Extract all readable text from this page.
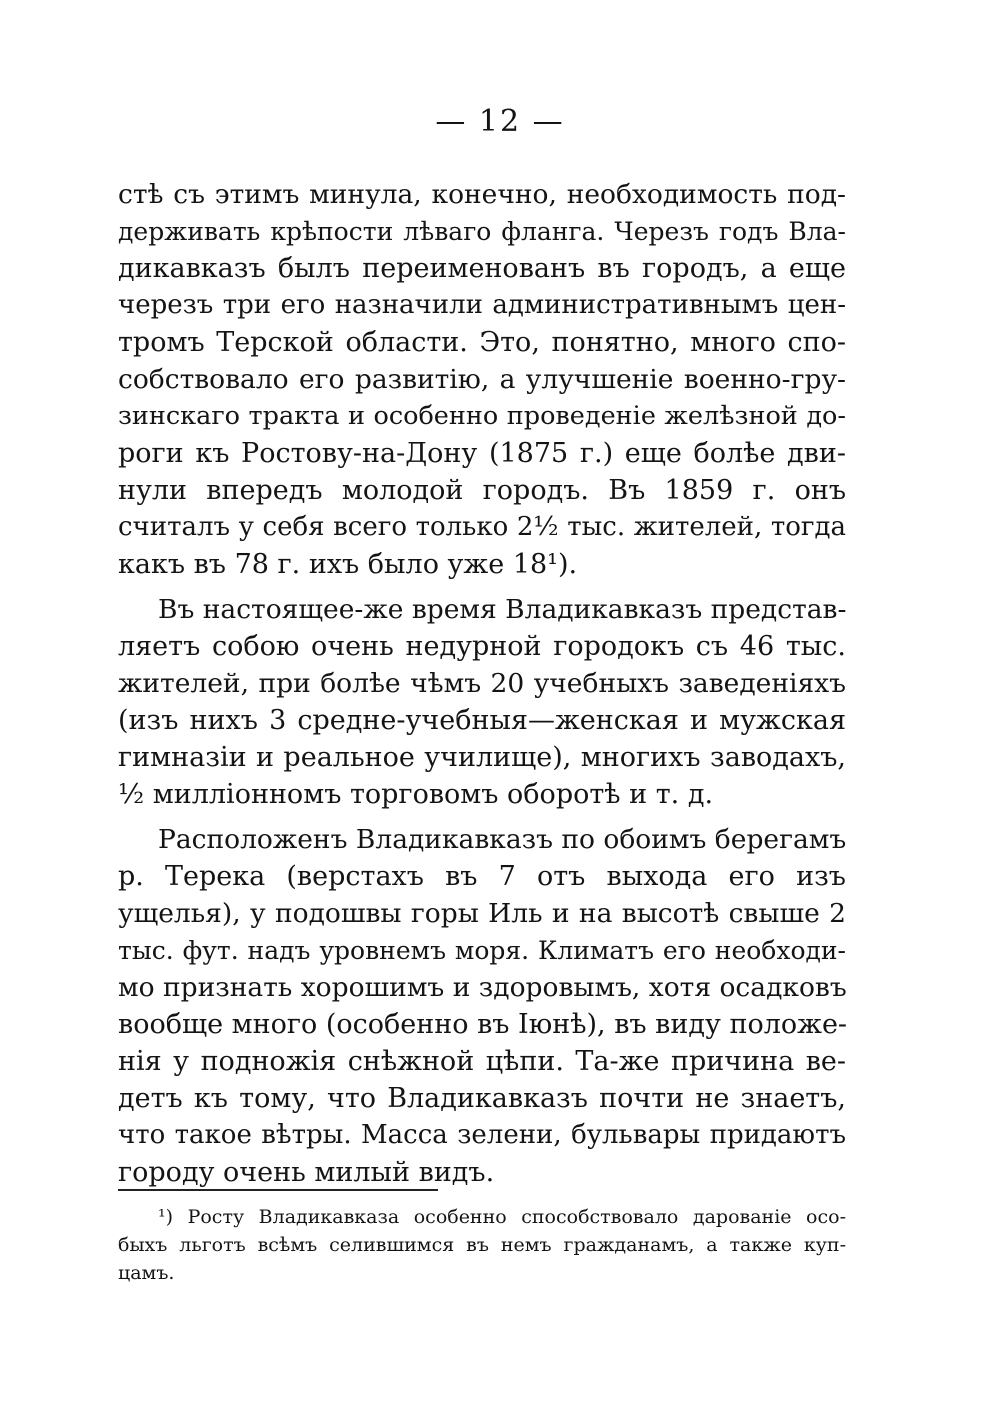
— 12 —
стѣ съ этимъ минула, конечно, необходимость под-
держивать крѣпости лѣваго фланга. Черезъ годъ Вла-
дикавказъ былъ переименованъ въ городъ, а еще
черезъ три его назначили административнымъ цен-
тромъ Терской области. Это, понятно, много спо-
собствовало его развитію, а улучшеніе военно-гру-
зинскаго тракта и особенно проведеніе желѣзной до-
роги къ Ростову-на-Дону (1875 г.) еще болѣе дви-
нули впередъ молодой городъ. Въ 1859 г. онъ
считалъ у себя всего только 2½ тыс. жителей, тогда
какъ въ 78 г. ихъ было уже 18¹).
Въ настоящее-же время Владикавказъ представ-
ляетъ собою очень недурной городокъ съ 46 тыс.
жителей, при болѣе чѣмъ 20 учебныхъ заведеніяхъ
(изъ нихъ 3 средне-учебныя—женская и мужская
гимназіи и реальное училище), многихъ заводахъ,
½ милліонномъ торговомъ оборотѣ и т. д.
Расположенъ Владикавказъ по обоимъ берегамъ
р. Терека (верстахъ въ 7 отъ выхода его изъ
ущелья), у подошвы горы Иль и на высотѣ свыше 2
тыс. фут. надъ уровнемъ моря. Климатъ его необходи-
мо признать хорошимъ и здоровымъ, хотя осадковъ
вообще много (особенно въ Іюнѣ), въ виду положе-
нія у подножія снѣжной цѣпи. Та-же причина ве-
детъ къ тому, что Владикавказъ почти не знаетъ,
что такое вѣтры. Масса зелени, бульвары придаютъ
городу очень милый видъ.
¹) Росту Владикавказа особенно способствовало дарованіе осо-
быхъ льготъ всѣмъ селившимся въ немъ гражданамъ, а также куп-
цамъ.
